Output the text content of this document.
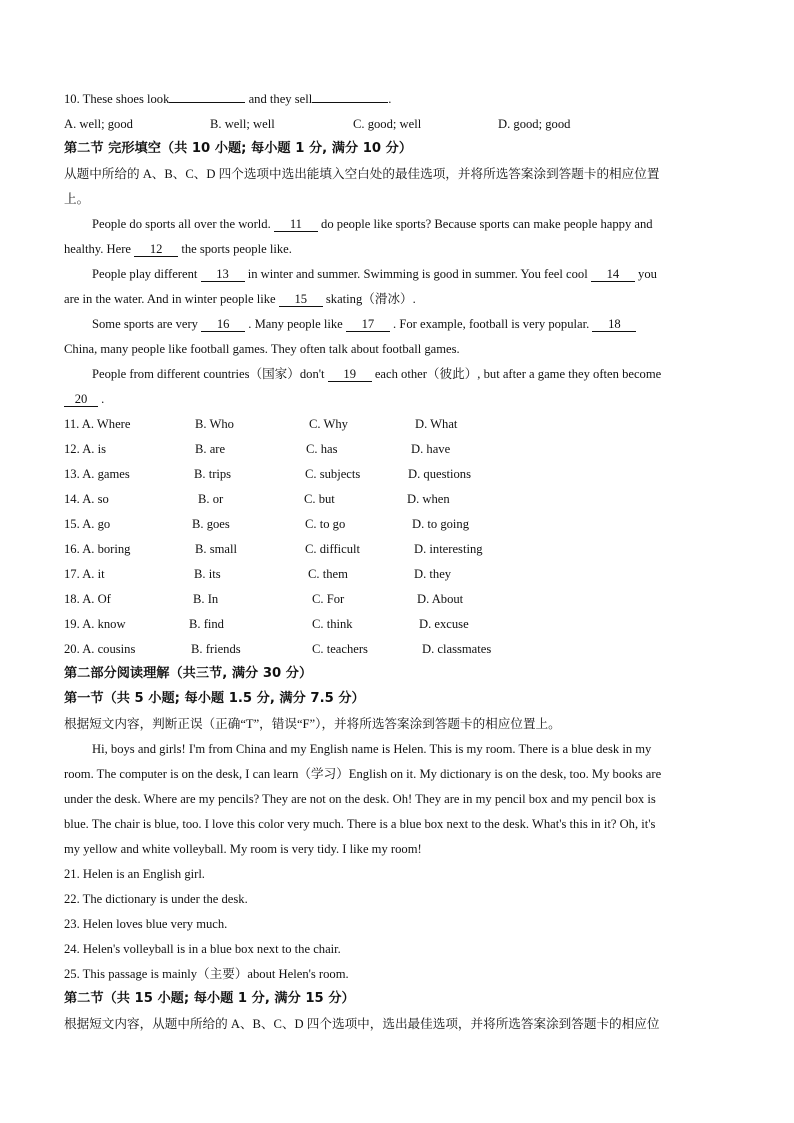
10. These shoes look	and they sell	.
A. well; good	B. well; well	C. good; well	D. good; good
第二节 完形填空（共 10 小题; 每小题 1 分, 满分 10 分）
从题中所给的 A、B、C、D 四个选项中选出能填入空白处的最佳选项，并将所选答案涂到答题卡的相应位置
上。
People do sports all over the world. 11 do people like sports? Because sports can make people happy and
healthy. Here 12 the sports people like.
People play different 13 in winter and summer. Swimming is good in summer. You feel cool 14 you
are in the water. And in winter people like 15 skating（滑冰）.
Some sports are very 16 . Many people like 17 . For example, football is very popular. 18
China, many people like football games. They often talk about football games.
People from different countries（国家）don't 19 each other（彼此）, but after a game they often become
20 .
11. A. Where	B. Who	C. Why	D. What
12. A. is	B. are	C. has	D. have
13. A. games	B. trips	C. subjects	D. questions
14. A. so	B. or	C. but	D. when
15. A. go	B. goes	C. to go	D. to going
16. A. boring	B. small	C. difficult	D. interesting
17. A. it	B. its	C. them	D. they
18. A. Of	B. In	C. For	D. About
19. A. know	B. find	C. think	D. excuse
20. A. cousins	B. friends	C. teachers	D. classmates
第二部分阅读理解（共三节, 满分 30 分）
第一节（共 5 小题; 每小题 1.5 分, 满分 7.5 分）
根据短文内容，判断正误（正确“T”，错误“F”），并将所选答案涂到答题卡的相应位置上。
Hi, boys and girls! I'm from China and my English name is Helen. This is my room. There is a blue desk in my
room. The computer is on the desk, I can learn（学习）English on it. My dictionary is on the desk, too. My books are
under the desk. Where are my pencils? They are not on the desk. Oh! They are in my pencil box and my pencil box is
blue. The chair is blue, too. I love this color very much. There is a blue box next to the desk. What's this in it? Oh, it's
my yellow and white volleyball. My room is very tidy. I like my room!
21. Helen is an English girl.
22. The dictionary is under the desk.
23. Helen loves blue very much.
24. Helen's volleyball is in a blue box next to the chair.
25. This passage is mainly（主要）about Helen's room.
第二节（共 15 小题; 每小题 1 分, 满分 15 分）
根据短文内容，从题中所给的 A、B、C、D 四个选项中，选出最佳选项，并将所选答案涂到答题卡的相应位
